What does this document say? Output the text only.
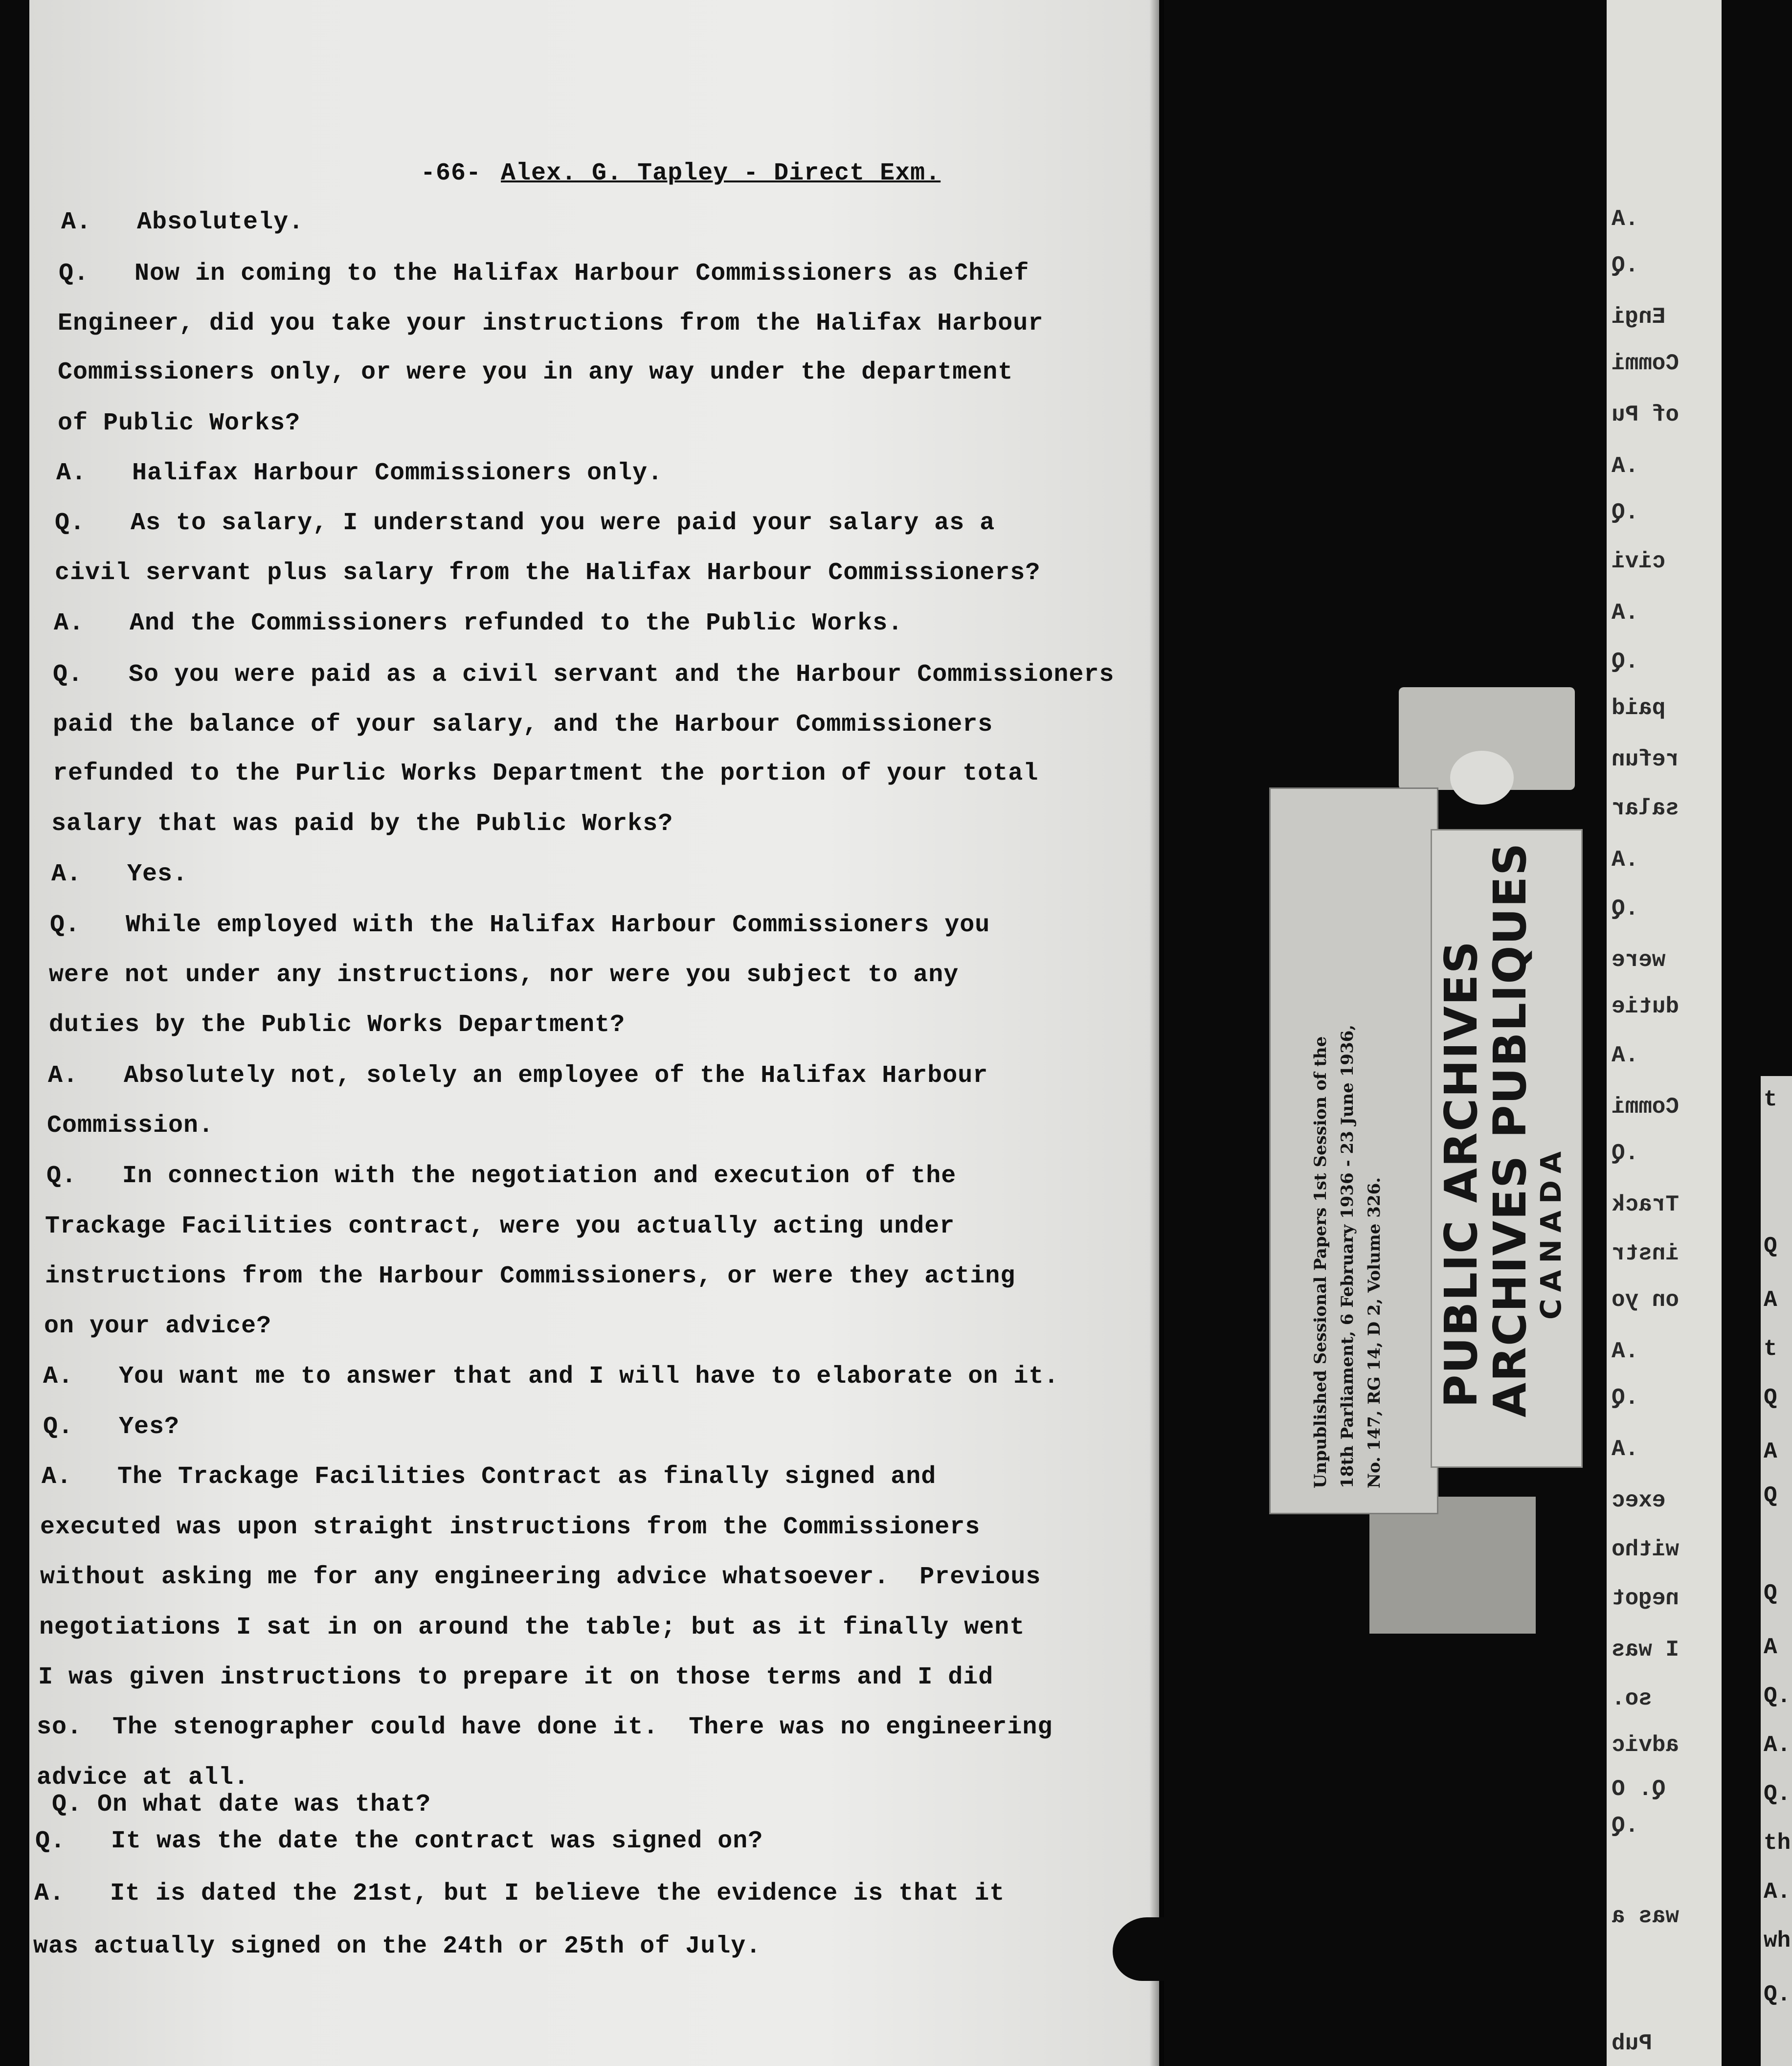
-66- Alex. G. Tapley - Direct Exm.
A.   Absolutely.
Q.   Now in coming to the Halifax Harbour Commissioners as Chief
Engineer, did you take your instructions from the Halifax Harbour
Commissioners only, or were you in any way under the department
of Public Works?
A.   Halifax Harbour Commissioners only.
Q.   As to salary, I understand you were paid your salary as a
civil servant plus salary from the Halifax Harbour Commissioners?
A.   And the Commissioners refunded to the Public Works.
Q.   So you were paid as a civil servant and the Harbour Commissioners
paid the balance of your salary, and the Harbour Commissioners
refunded to the Purlic Works Department the portion of your total
salary that was paid by the Public Works?
A.   Yes.
Q.   While employed with the Halifax Harbour Commissioners you
were not under any instructions, nor were you subject to any
duties by the Public Works Department?
A.   Absolutely not, solely an employee of the Halifax Harbour
Commission.
Q.   In connection with the negotiation and execution of the
Trackage Facilities contract, were you actually acting under
instructions from the Harbour Commissioners, or were they acting
on your advice?
A.   You want me to answer that and I will have to elaborate on it.
Q.   Yes?
A.   The Trackage Facilities Contract as finally signed and
executed was upon straight instructions from the Commissioners
without asking me for any engineering advice whatsoever.  Previous
negotiations I sat in on around the table; but as it finally went
I was given instructions to prepare it on those terms and I did
so.  The stenographer could have done it.  There was no engineering
advice at all.
Q. On what date was that?
Q.   It was the date the contract was signed on?
A.   It is dated the 21st, but I believe the evidence is that it
was actually signed on the 24th or 25th of July.
Unpublished Sessional Papers 1st Session of the 18th Parliament, 6 February 1936 - 23 June 1936, No. 147, RG 14, D 2, Volume 326. PUBLIC ARCHIVES
ARCHIVES PUBLIQUES
CANADA
.A
.Q
Engi
Commi
of Pu
.A
.Q
civi
.A
.Q
paid
refun
salar
.A
.Q
were
dutie
.A
Commi
.Q
Track
instr
on yo
.A
.Q
.A
exec
witho
negot
I was
so.
advic
Q. O
.Q
was a
Pub
t
Q
A
t
Q
A
Q
Q
A
Q.
A.
Q.
th
A.
wh
Q.
